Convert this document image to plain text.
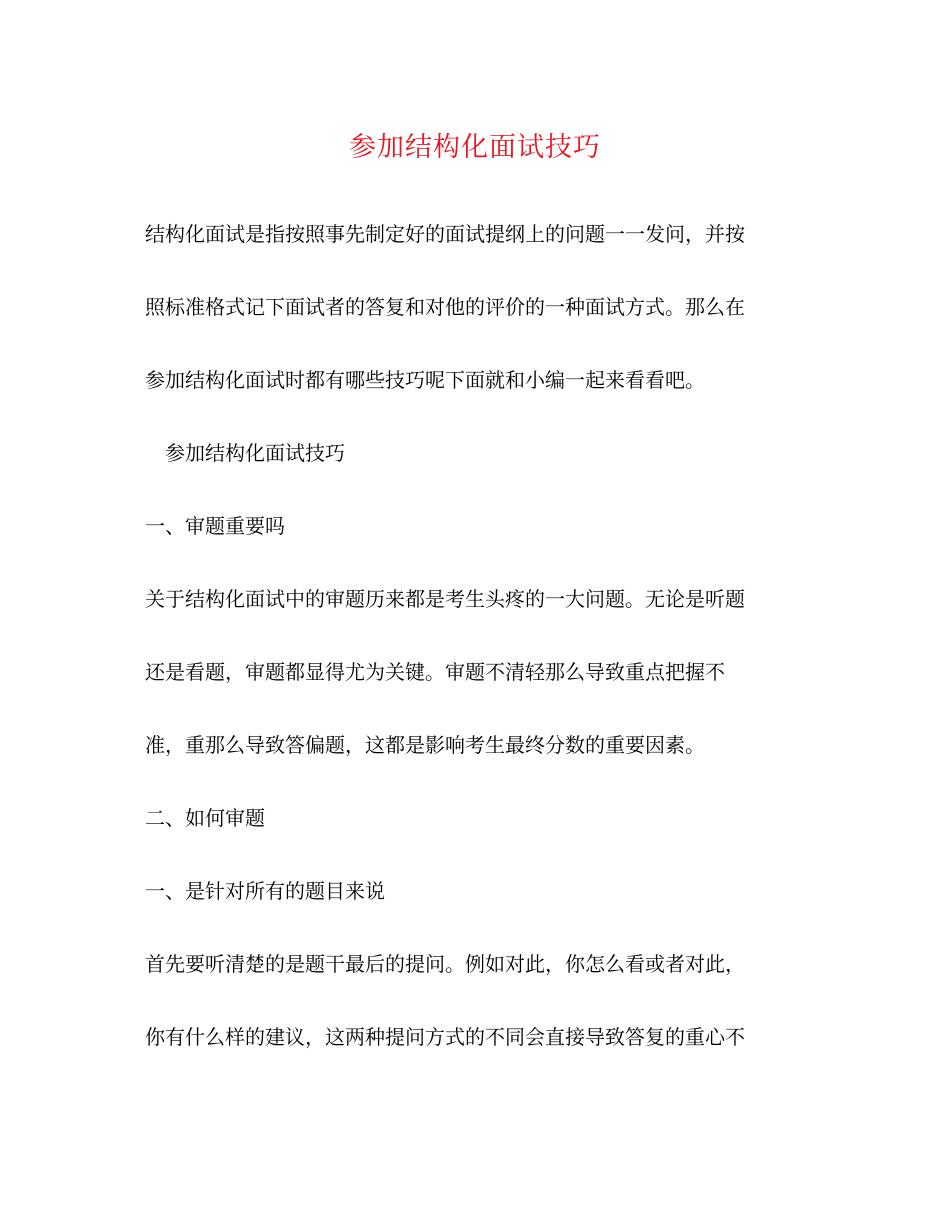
参加结构化面试技巧
结构化面试是指按照事先制定好的面试提纲上的问题一一发问，并按
照标准格式记下面试者的答复和对他的评价的一种面试方式。那么在
参加结构化面试时都有哪些技巧呢下面就和小编一起来看看吧。
参加结构化面试技巧
一、审题重要吗
关于结构化面试中的审题历来都是考生头疼的一大问题。无论是听题
还是看题，审题都显得尤为关键。审题不清轻那么导致重点把握不
准，重那么导致答偏题，这都是影响考生最终分数的重要因素。
二、如何审题
一、是针对所有的题目来说
首先要听清楚的是题干最后的提问。例如对此，你怎么看或者对此，
你有什么样的建议，这两种提问方式的不同会直接导致答复的重心不
